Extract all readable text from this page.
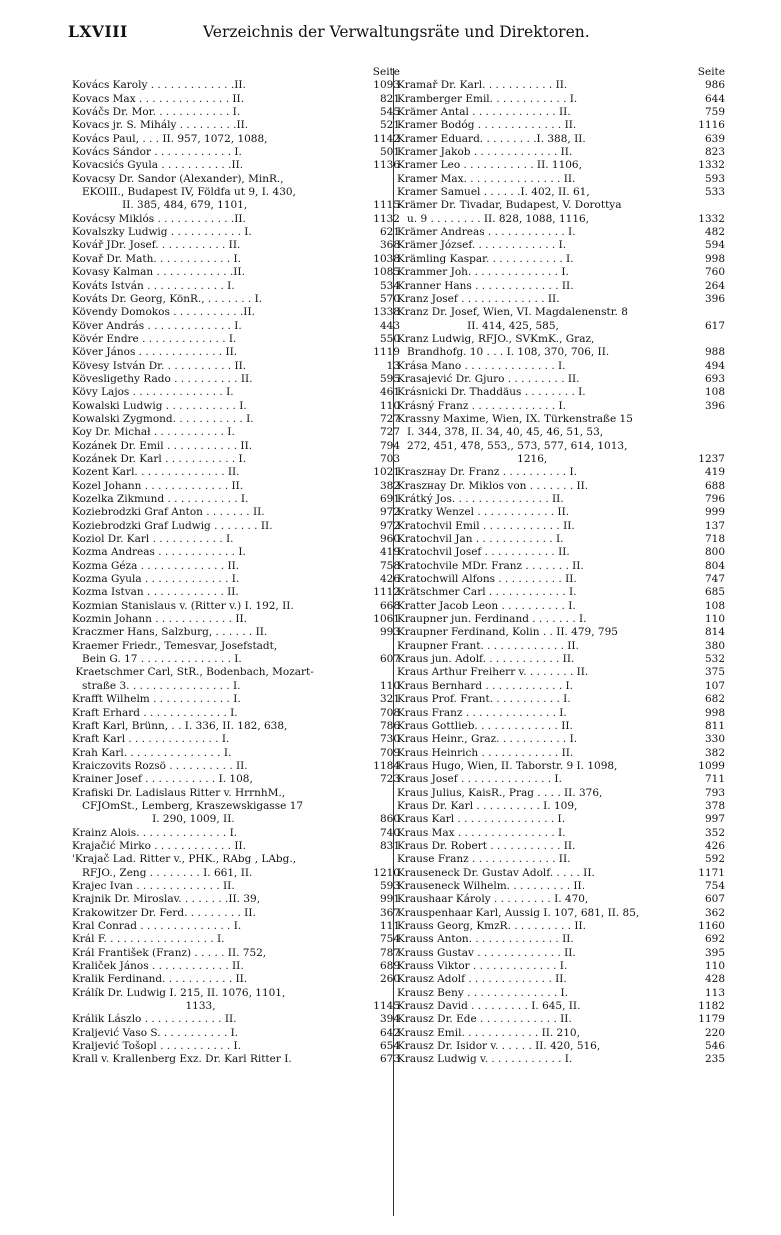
LXVIII	Verzeichnis der Verwaltungsräte und Direktoren.
Seite
Kovács Karoly . . . . . . . . . . . . .II.	1093
Kovacs Max . . . . . . . . . . . . . . II.	821
Kováčs Dr. Mor. . . . . . . . . . . . I.	545
Kovacs jr. S. Mihály . . . . . . . . .II.	521
Kovács Paul, . . . II. 957, 1072, 1088,	1142
Kovács Sándor . . . . . . . . . . . . I.	501
Kovacsićs Gyula . . . . . . . . . . .II.	1136
Kovacsy Dr. Sandor (Alexander), MinR.,
EKOlII., Budapest IV, Földfa ut 9, I. 430,
II. 385, 484, 679, 1101,	1115
Kovácsy Miklós . . . . . . . . . . . .II.	1132
Kovalszky Ludwig . . . . . . . . . . . I.	621
Kovář JDr. Josef. . . . . . . . . . . II.	368
Kovař Dr. Math. . . . . . . . . . . . I.	1038
Kovasy Kalman . . . . . . . . . . . .II.	1085
Kováts István . . . . . . . . . . . . I.	534
Kováts Dr. Georg, KönR., . . . . . . . I.	570
Kövendy Domokos . . . . . . . . . . .II.	1338
Köver András . . . . . . . . . . . . . I.	443
Kövér Endre . . . . . . . . . . . . . I.	550
Köver János . . . . . . . . . . . . . II.	1119
Kövesy István Dr. . . . . . . . . . . II.	13
Kövesligethy Rado . . . . . . . . . . II.	595
Kövy Lajos . . . . . . . . . . . . . . I.	461
Kowalski Ludwig . . . . . . . . . . . I.	110
Kowalski Zygmond. . . . . . . . . . . I.	727
Koy Dr. Michał . . . . . . . . . . . I.	727
Kozánek Dr. Emil . . . . . . . . . . . II.	794
Kozánek Dr. Karl . . . . . . . . . . . I.	703
Kozent Karl. . . . . . . . . . . . . . II.	1021
Kozel Johann . . . . . . . . . . . . . II.	382
Kozelka Zikmund . . . . . . . . . . . I.	691
Koziebrodzki Graf Anton . . . . . . . II.	972
Koziebrodzki Graf Ludwig . . . . . . . II.	972
Koziol Dr. Karl . . . . . . . . . . . I.	960
Kozma Andreas . . . . . . . . . . . . I.	419
Kozma Géza . . . . . . . . . . . . . II.	758
Kozma Gyula . . . . . . . . . . . . . I.	426
Kozma Istvan . . . . . . . . . . . . II.	1112
Kozmian Stanislaus v. (Ritter v.) I. 192, II.	668
Kozmin Johann . . . . . . . . . . . . II.	1061
Kraczmer Hans, Salzburg, . . . . . . II.	993
Kraemer Friedr., Temesvar, Josefstadt,
Bein G. 17 . . . . . . . . . . . . . . I.	607
Kraetschmer Carl, StR., Bodenbach, Mozart-
straße 3. . . . . . . . . . . . . . . . I.	110
Krafft Wilhelm . . . . . . . . . . . . I.	321
Kraft Erhard . . . . . . . . . . . . . I.	708
Kraft Karl, Brünn, . . I. 336, II. 182, 638,	786
Kraft Karl . . . . . . . . . . . . . . I.	730
Krah Karl. . . . . . . . . . . . . . . I.	709
Kraiczovits Rozsö . . . . . . . . . . II.	1184
Krainer Josef . . . . . . . . . . . I. 108,	723
Krafiski Dr. Ladislaus Ritter v. HrrnhM.,
CFJOmSt., Lemberg, Kraszewskigasse 17
I. 290, 1009, II.	860
Krainz Alois. . . . . . . . . . . . . . I.	740
Krajačić Mirko . . . . . . . . . . . . II.	831
'Krajač Lad. Ritter v., PHK., RAbg , LAbg.,
RFJO., Zeng . . . . . . . . I. 661, II.	1210
Krajec Ivan . . . . . . . . . . . . . II.	593
Krajnik Dr. Miroslav. . . . . . . .II. 39,	991
Krakowitzer Dr. Ferd. . . . . . . . . II.	367
Kral Conrad . . . . . . . . . . . . . . I.	111
Král F. . . . . . . . . . . . . . . . . I.	754
Král František (Franz) . . . . . II. 752,	787
Kraliček János . . . . . . . . . . . . II.	689
Kralik Ferdinand. . . . . . . . . . . II.	260
Králík Dr. Ludwig I. 215, II. 1076, 1101,
1133,	1145
Králik Lászlo . . . . . . . . . . . . II.	394
Kraljević Vaso S. . . . . . . . . . . I.	642
Kraljević Tošopl . . . . . . . . . . . I.	654
Krall v. Krallenberg Exz. Dr. Karl Ritter I.	673
Seite
Kramař Dr. Karl. . . . . . . . . . . II.	986
Kramberger Emil. . . . . . . . . . . . I.	644
Krämer Antal . . . . . . . . . . . . . II.	759
Kramer Bodóg . . . . . . . . . . . . . II.	1116
Kramer Eduard. . . . . . . . .I. 388, II.	639
Kramer Jakob . . . . . . . . . . . . . II.	823
Kramer Leo . . . . . . . . . . . II. 1106,	1332
Kramer Max. . . . . . . . . . . . . . . II.	593
Kramer Samuel . . . . . .I. 402, II. 61,	533
Krämer Dr. Tivadar, Budapest, V. Dorottya
u. 9 . . . . . . . . II. 828, 1088, 1116,	1332
Krämer Andreas . . . . . . . . . . . . I.	482
Krämer József. . . . . . . . . . . . . I.	594
Krämling Kaspar. . . . . . . . . . . . I.	998
Krammer Joh. . . . . . . . . . . . . . I.	760
Kranner Hans . . . . . . . . . . . . . II.	264
Kranz Josef . . . . . . . . . . . . . II.	396
Kranz Dr. Josef, Wien, VI. Magdalenenstr. 8
II. 414, 425, 585,	617
Kranz Ludwig, RFJO., SVKmK., Graz,
Brandhofg. 10 . . . I. 108, 370, 706, II.	988
Krása Mano . . . . . . . . . . . . . . I.	494
Krasajević Dr. Gjuro . . . . . . . . . II.	693
Krásnicki Dr. Thaddäus . . . . . . . . I.	108
Krásný Franz . . . . . . . . . . . . . I.	396
Krassny Maxime, Wien, IX. Türkenstraße 15
I. 344, 378, II. 34, 40, 45, 46, 51, 53,
272, 451, 478, 553,, 573, 577, 614, 1013,
1216,	1237
Kraszнay Dr. Franz . . . . . . . . . . I.	419
Kraszнay Dr. Miklos von . . . . . . . II.	688
Krátký Jos. . . . . . . . . . . . . . . II.	796
Kratky Wenzel . . . . . . . . . . . . II.	999
Kratochvil Emil . . . . . . . . . . . . II.	137
Kratochvil Jan . . . . . . . . . . . . I.	718
Kratochvil Josef . . . . . . . . . . . II.	800
Kratochvile MDr. Franz . . . . . . . II.	804
Kratochwill Alfons . . . . . . . . . . II.	747
Krätschmer Carl . . . . . . . . . . . . I.	685
Kratter Jacob Leon . . . . . . . . . . I.	108
Kraupner jun. Ferdinand . . . . . . . I.	110
Kraupner Ferdinand, Kolin . . II. 479, 795	814
Kraupner Frant. . . . . . . . . . . . . II.	380
Kraus jun. Adolf. . . . . . . . . . . . II.	532
Kraus Arthur Freiherr v. . . . . . . . II.	375
Kraus Bernhard . . . . . . . . . . . . I.	107
Kraus Prof. Frant. . . . . . . . . . . I.	682
Kraus Franz . . . . . . . . . . . . . . I.	998
Kraus Gottlieb. . . . . . . . . . . . . II.	811
Kraus Heinr., Graz. . . . . . . . . . . I.	330
Kraus Heinrich . . . . . . . . . . . . II.	382
Kraus Hugo, Wien, II. Taborstr. 9 I. 1098,	1099
Kraus Josef . . . . . . . . . . . . . . I.	711
Kraus Julius, KaisR., Prag . . . . II. 376,	793
Kraus Dr. Karl . . . . . . . . . . I. 109,	378
Kraus Karl . . . . . . . . . . . . . . . I.	997
Kraus Max . . . . . . . . . . . . . . . I.	352
Kraus Dr. Robert . . . . . . . . . . . II.	426
Krause Franz . . . . . . . . . . . . . II.	592
Krauseneck Dr. Gustav Adolf. . . . . II.	1171
Krauseneck Wilhelm. . . . . . . . . . II.	754
Kraushaar Károly . . . . . . . . . I. 470,	607
Krauspenhaar Karl, Aussig I. 107, 681, II. 85,	362
Krauss Georg, KmzR. . . . . . . . . . II.	1160
Krauss Anton. . . . . . . . . . . . . . II.	692
Krauss Gustav . . . . . . . . . . . . . II.	395
Krauss Viktor . . . . . . . . . . . . . I.	110
Krausz Adolf . . . . . . . . . . . . . II.	428
Krausz Beny . . . . . . . . . . . . . . I.	113
Krausz David . . . . . . . . . I. 645, II.	1182
Krausz Dr. Ede . . . . . . . . . . . . II.	1179
Krausz Emil. . . . . . . . . . . . II. 210,	220
Krausz Dr. Isidor v. . . . . . II. 420, 516,	546
Krausz Ludwig v. . . . . . . . . . . . I.	235
